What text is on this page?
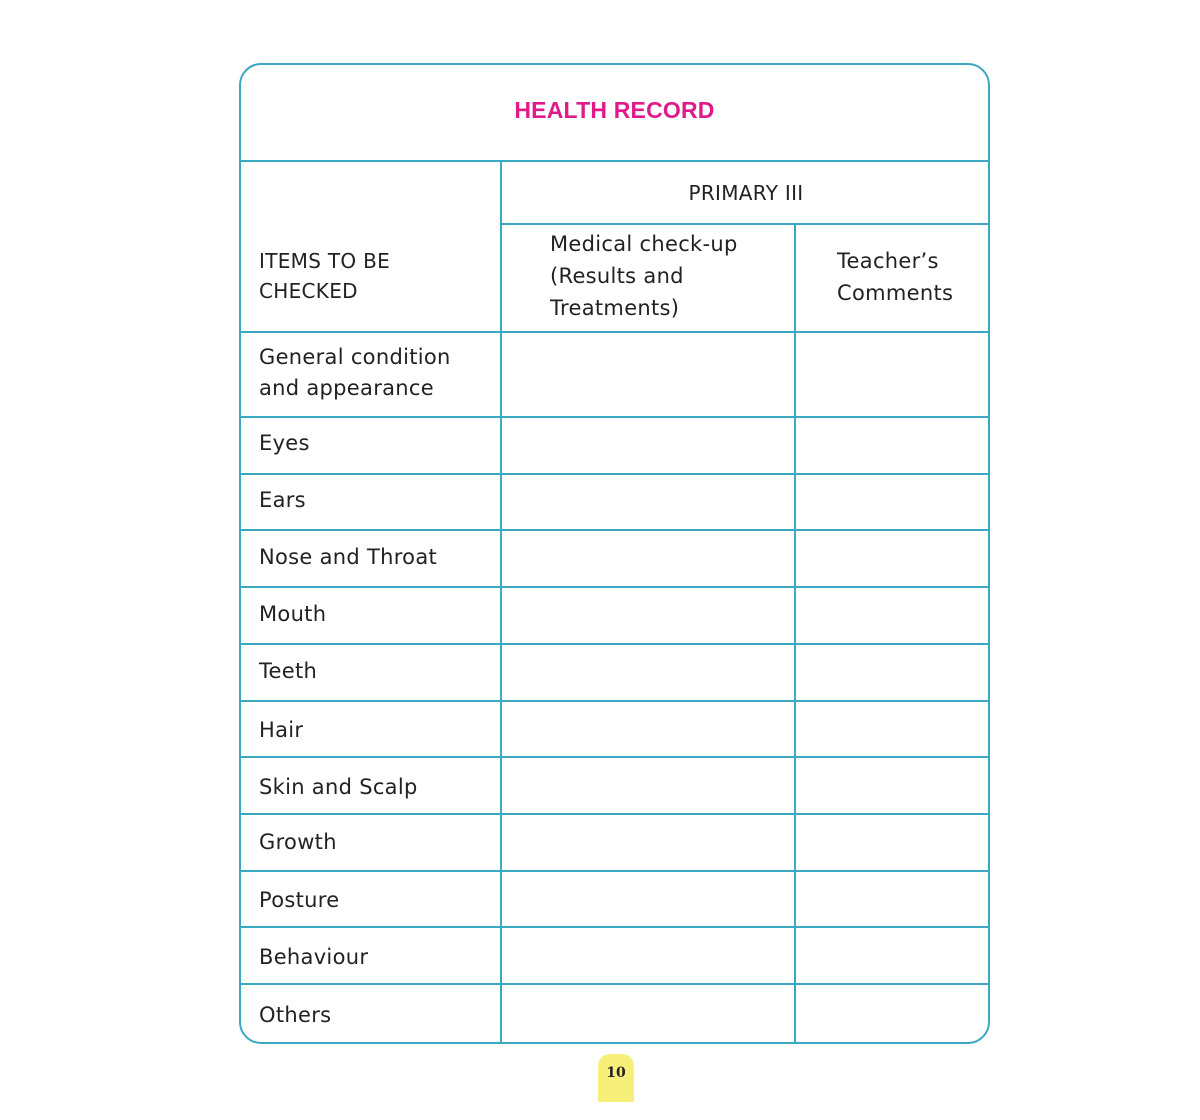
HEALTH RECORD
ITEMS TO BE CHECKED
PRIMARY III
Medical check-up (Results and Treatments)
Teacher’s Comments
General condition and appearance
Eyes
Ears
Nose and Throat
Mouth
Teeth
Hair
Skin and Scalp
Growth
Posture
Behaviour
Others
10
